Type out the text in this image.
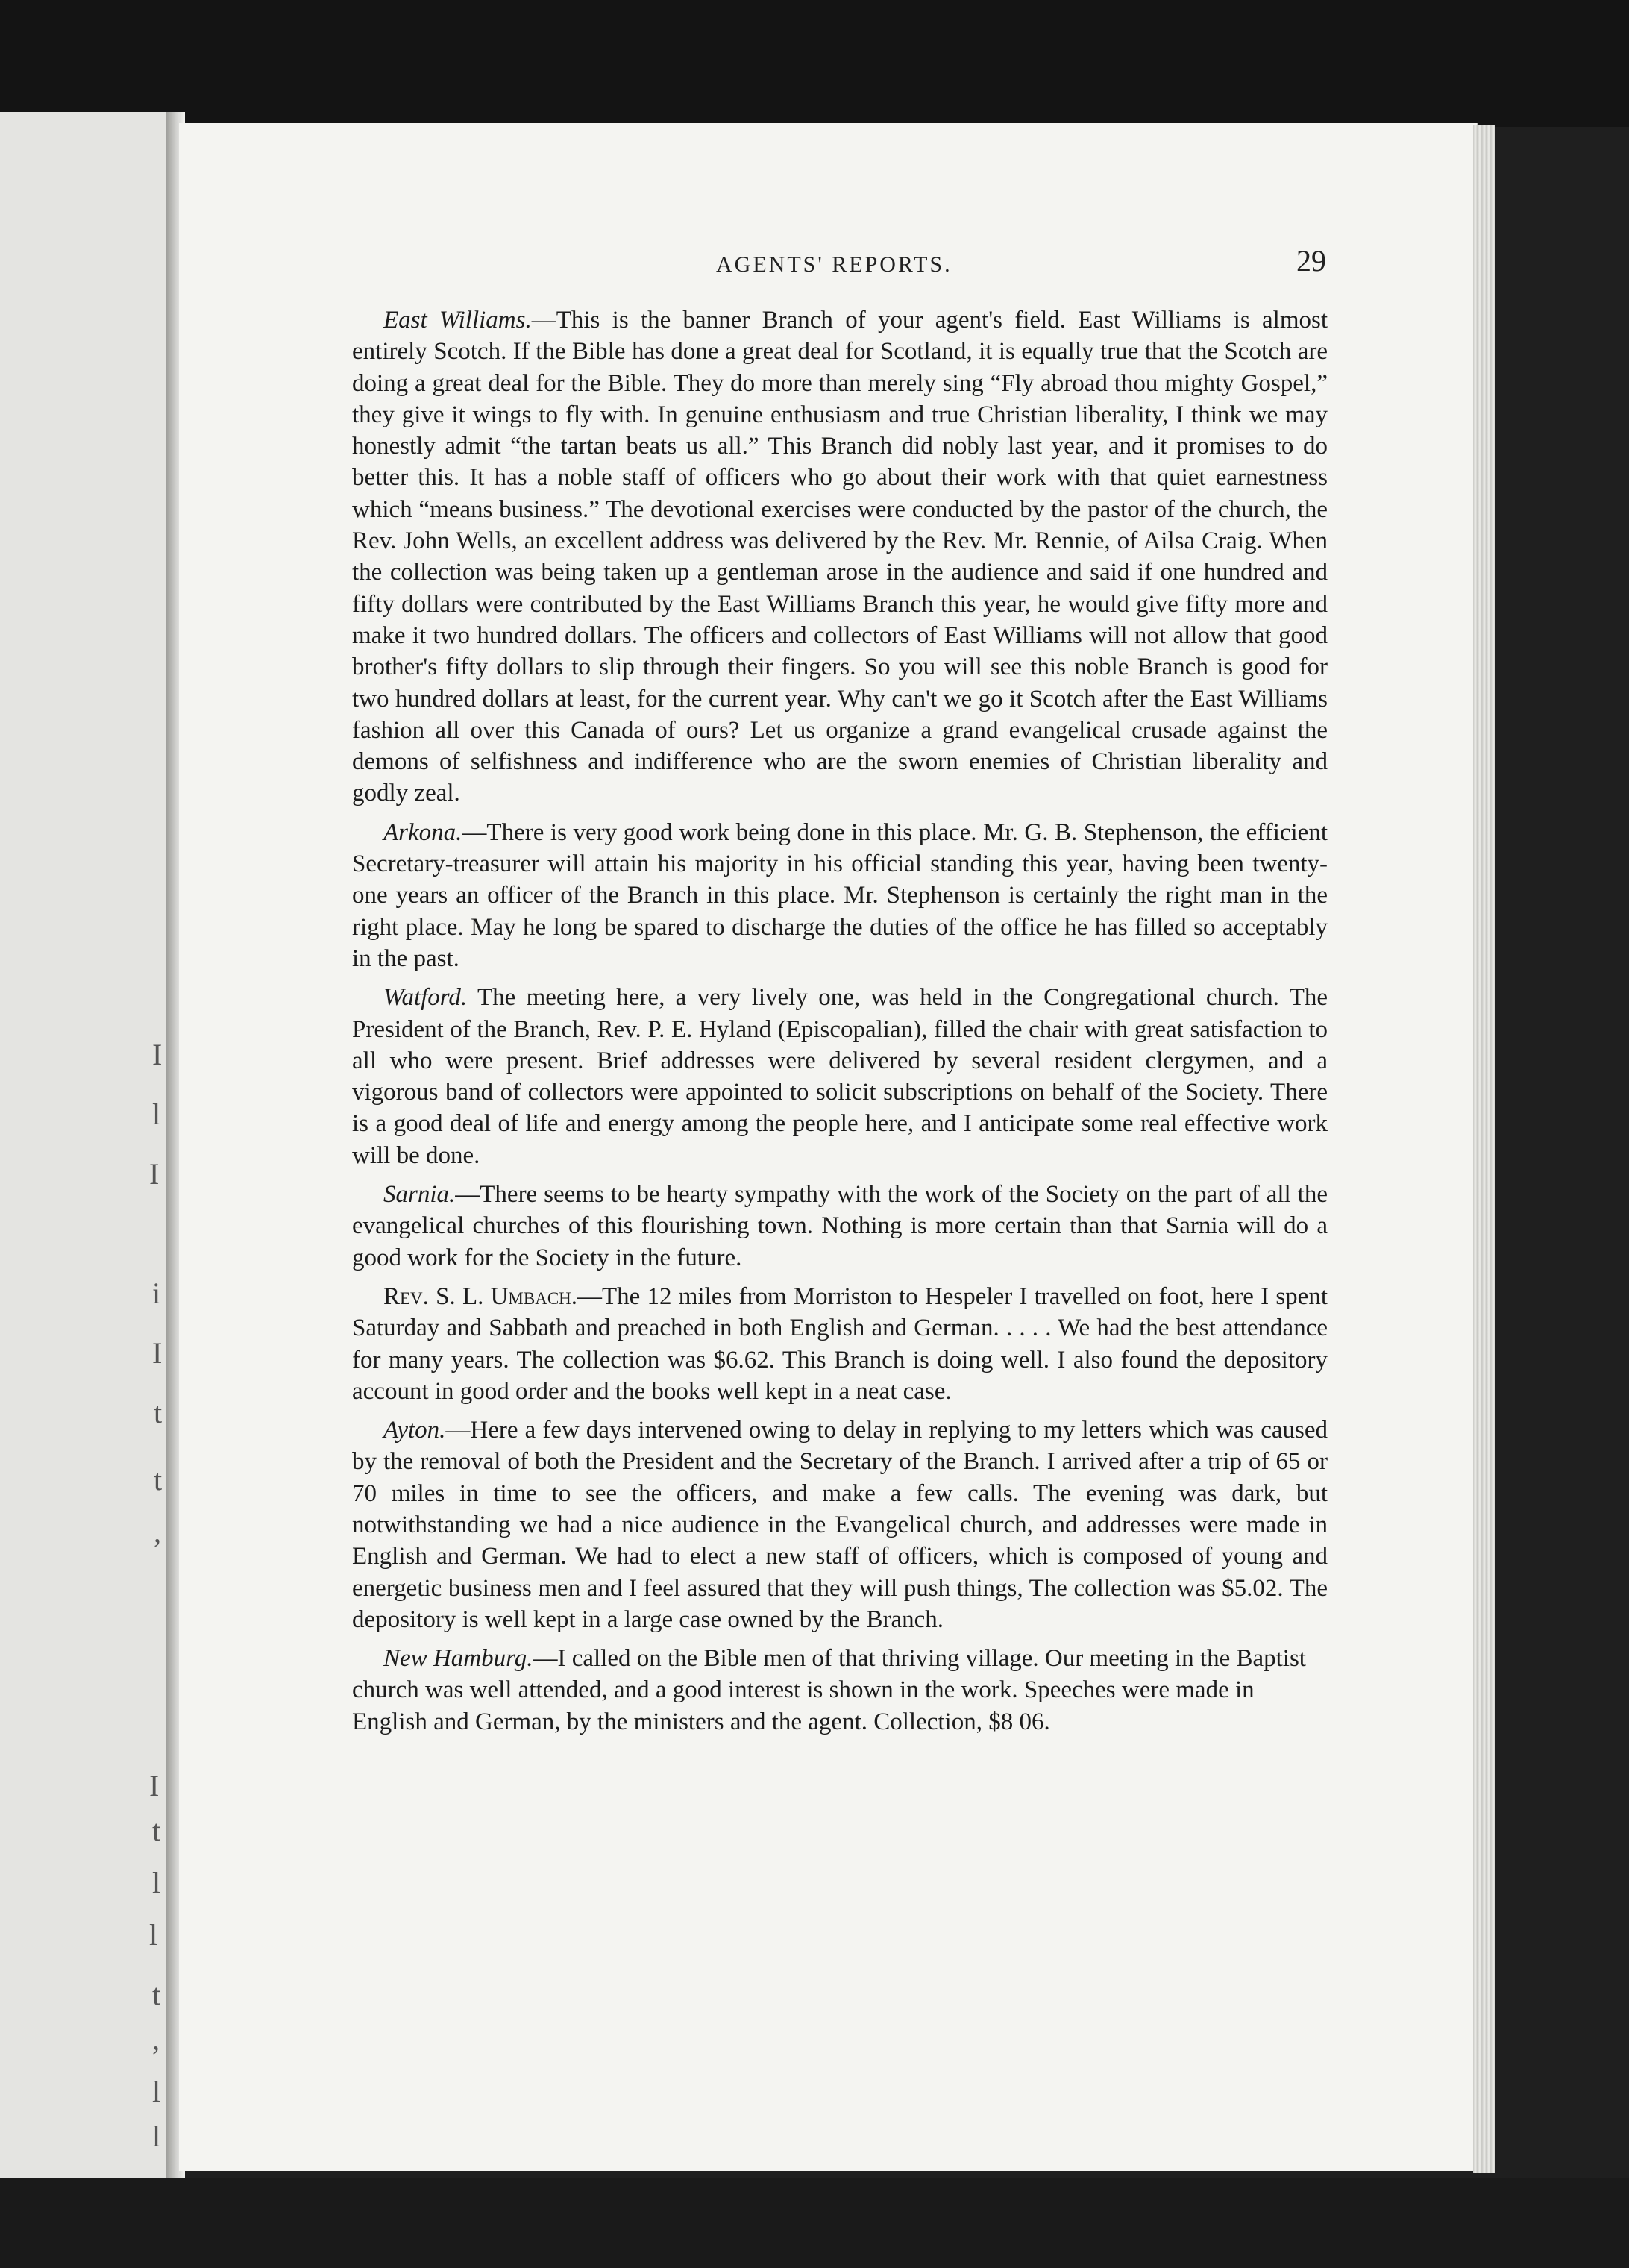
I
l
I
i
I
t
t
,
I
t
l
l
t
,
l
l
AGENTS' REPORTS.	29

East Williams.—This is the banner Branch of your agent's field. East Williams is almost entirely Scotch. If the Bible has done a great deal for Scotland, it is equally true that the Scotch are doing a great deal for the Bible. They do more than merely sing “Fly abroad thou mighty Gospel,” they give it wings to fly with. In genuine enthusiasm and true Christian liberality, I think we may honestly admit “the tartan beats us all.” This Branch did nobly last year, and it promises to do better this. It has a noble staff of officers who go about their work with that quiet earnestness which “means business.” The devotional exercises were conducted by the pastor of the church, the Rev. John Wells, an excellent address was delivered by the Rev. Mr. Rennie, of Ailsa Craig. When the collection was being taken up a gentleman arose in the audience and said if one hundred and fifty dollars were contributed by the East Williams Branch this year, he would give fifty more and make it two hundred dollars. The officers and collectors of East Williams will not allow that good brother's fifty dollars to slip through their fingers. So you will see this noble Branch is good for two hundred dollars at least, for the current year. Why can't we go it Scotch after the East Williams fashion all over this Canada of ours? Let us organize a grand evangelical crusade against the demons of selfishness and indifference who are the sworn enemies of Christian liberality and godly zeal.

Arkona.—There is very good work being done in this place. Mr. G. B. Stephenson, the efficient Secretary-treasurer will attain his majority in his official standing this year, having been twenty-one years an officer of the Branch in this place. Mr. Stephenson is certainly the right man in the right place. May he long be spared to discharge the duties of the office he has filled so acceptably in the past.

Watford. The meeting here, a very lively one, was held in the Congregational church. The President of the Branch, Rev. P. E. Hyland (Episcopalian), filled the chair with great satisfaction to all who were present. Brief addresses were delivered by several resident clergymen, and a vigorous band of collectors were appointed to solicit subscriptions on behalf of the Society. There is a good deal of life and energy among the people here, and I anticipate some real effective work will be done.

Sarnia.—There seems to be hearty sympathy with the work of the Society on the part of all the evangelical churches of this flourishing town. Nothing is more certain than that Sarnia will do a good work for the Society in the future.

Rev. S. L. Umbach.—The 12 miles from Morriston to Hespeler I travelled on foot, here I spent Saturday and Sabbath and preached in both English and German. . . . . We had the best attendance for many years. The collection was $6.62. This Branch is doing well. I also found the depository account in good order and the books well kept in a neat case.

Ayton.—Here a few days intervened owing to delay in replying to my letters which was caused by the removal of both the President and the Secretary of the Branch. I arrived after a trip of 65 or 70 miles in time to see the officers, and make a few calls. The evening was dark, but notwithstanding we had a nice audience in the Evangelical church, and addresses were made in English and German. We had to elect a new staff of officers, which is composed of young and energetic business men and I feel assured that they will push things, The collection was $5.02. The depository is well kept in a large case owned by the Branch.

New Hamburg.—I called on the Bible men of that thriving village. Our meeting in the Baptist church was well attended, and a good interest is shown in the work. Speeches were made in English and German, by the ministers and the agent. Collection, $8 06.
